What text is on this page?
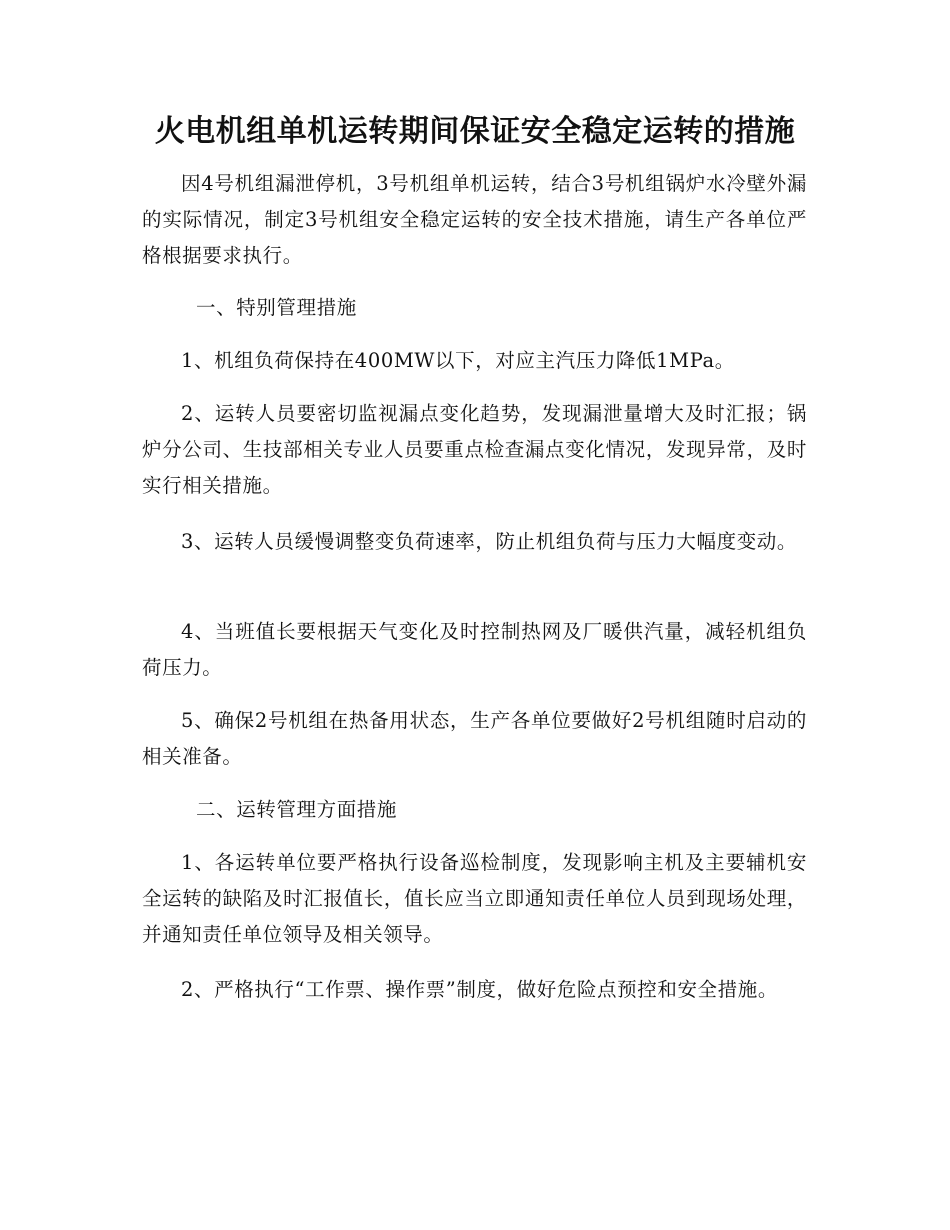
火电机组单机运转期间保证安全稳定运转的措施
因4号机组漏泄停机，3号机组单机运转，结合3号机组锅炉水冷壁外漏的实际情况，制定3号机组安全稳定运转的安全技术措施，请生产各单位严格根据要求执行。
一、特别管理措施
1、机组负荷保持在400MW以下，对应主汽压力降低1MPa。
2、运转人员要密切监视漏点变化趋势，发现漏泄量增大及时汇报；锅炉分公司、生技部相关专业人员要重点检查漏点变化情况，发现异常，及时实行相关措施。
3、运转人员缓慢调整变负荷速率，防止机组负荷与压力大幅度变动。
4、当班值长要根据天气变化及时控制热网及厂暖供汽量，减轻机组负荷压力。
5、确保2号机组在热备用状态，生产各单位要做好2号机组随时启动的相关准备。
二、运转管理方面措施
1、各运转单位要严格执行设备巡检制度，发现影响主机及主要辅机安全运转的缺陷及时汇报值长，值长应当立即通知责任单位人员到现场处理，并通知责任单位领导及相关领导。
2、严格执行“工作票、操作票”制度，做好危险点预控和安全措施。
